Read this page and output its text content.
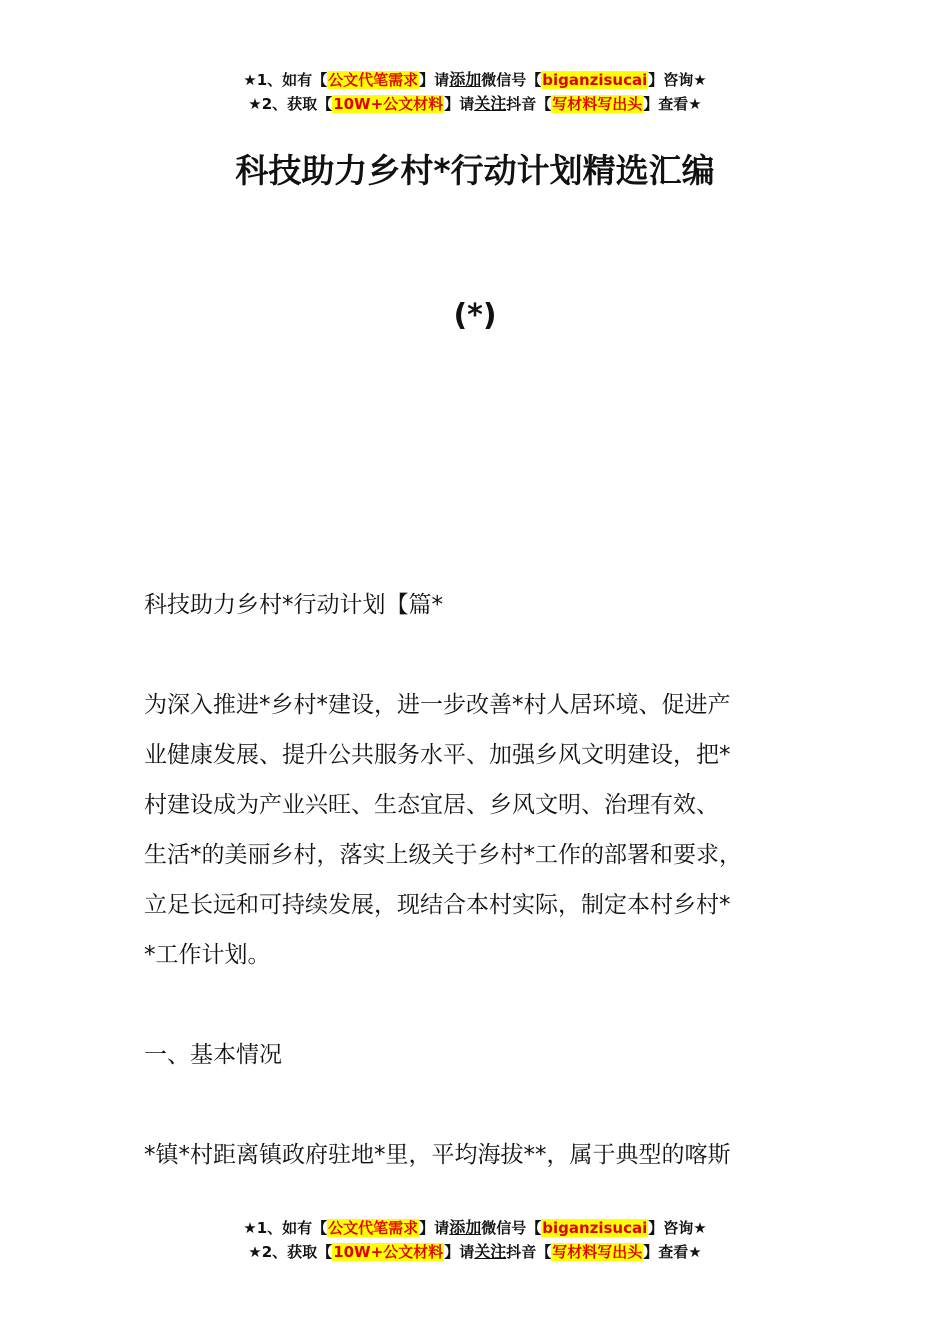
★1、如有【公文代笔需求】请添加微信号【biganzisucai】咨询★
★2、获取【10W+公文材料】请关注抖音【写材料写出头】查看★
科技助力乡村*行动计划精选汇编
(*)

科技助力乡村*行动计划【篇*

为深入推进*乡村*建设，进一步改善*村人居环境、促进产
业健康发展、提升公共服务水平、加强乡风文明建设，把*
村建设成为产业兴旺、生态宜居、乡风文明、治理有效、
生活*的美丽乡村，落实上级关于乡村*工作的部署和要求，
立足长远和可持续发展，现结合本村实际，制定本村乡村*
*工作计划。

一、基本情况

*镇*村距离镇政府驻地*里，平均海拔**，属于典型的喀斯

★1、如有【公文代笔需求】请添加微信号【biganzisucai】咨询★
★2、获取【10W+公文材料】请关注抖音【写材料写出头】查看★
